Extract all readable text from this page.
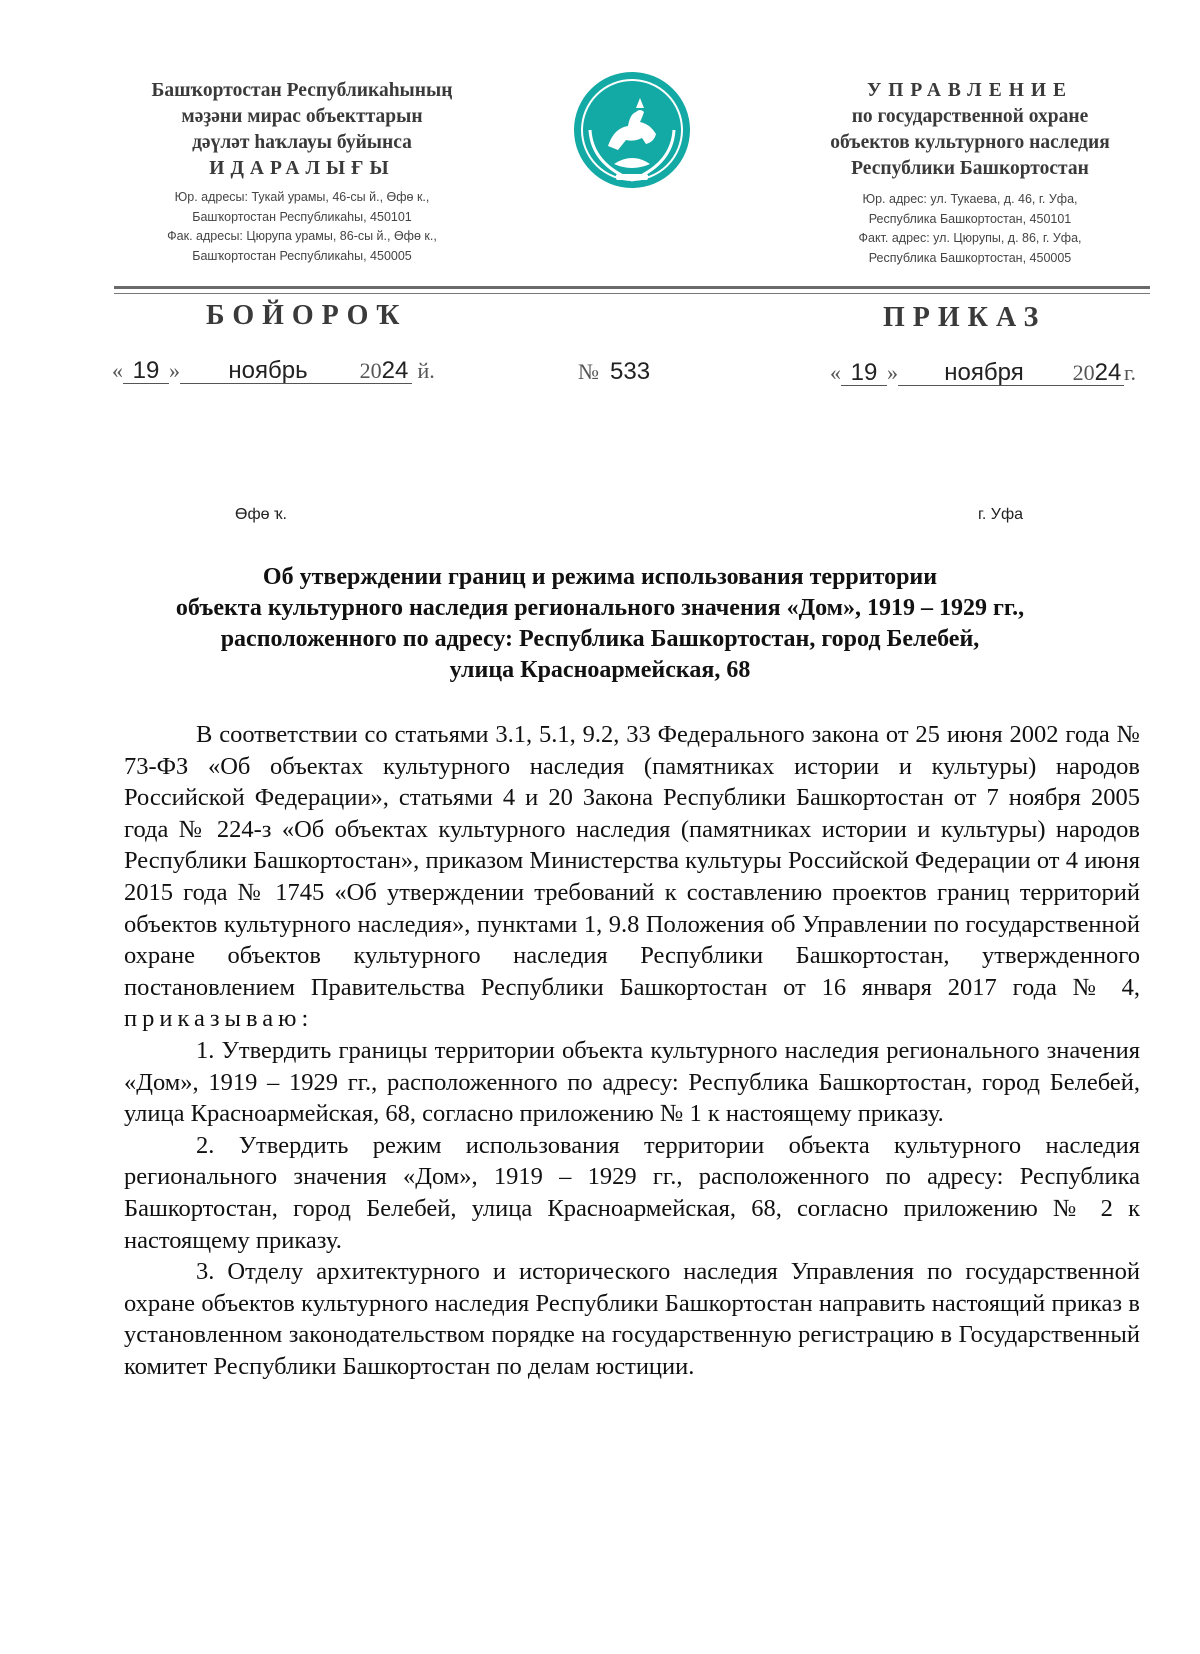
Башҡортостан Республикаһының
мәҙәни мирас объекттарын
дәүләт һаҡлауы буйынса
ИДАРАЛЫҒЫ
Юр. адресы: Тукай урамы, 46-сы й., Өфө к.,
Башҡортостан Республикаһы, 450101
Фак. адресы: Цюрупа урамы, 86-сы й., Өфө к.,
Башҡортостан Республикаһы, 450005
УПРАВЛЕНИЕ
по государственной охране
объектов культурного наследия
Республики Башкортостан
Юр. адрес: ул. Тукаева, д. 46, г. Уфа,
Республика Башкортостан, 450101
Факт. адрес: ул. Цюрупы, д. 86, г. Уфа,
Республика Башкортостан, 450005
БОЙОРОҠ	ПРИКАЗ
« 19 » ноябрь 2024 й.	№ 533	« 19 » ноября 2024 г.
Өфө ҡ.	г. Уфа
Об утверждении границ и режима использования территории
объекта культурного наследия регионального значения «Дом», 1919 – 1929 гг.,
расположенного по адресу: Республика Башкортостан, город Белебей,
улица Красноармейская, 68

В соответствии со статьями 3.1, 5.1, 9.2, 33 Федерального закона от 25 июня 2002 года № 73-ФЗ «Об объектах культурного наследия (памятниках истории и культуры) народов Российской Федерации», статьями 4 и 20 Закона Республики Башкортостан от 7 ноября 2005 года № 224-з «Об объектах культурного наследия (памятниках истории и культуры) народов Республики Башкортостан», приказом Министерства культуры Российской Федерации от 4 июня 2015 года № 1745 «Об утверждении требований к составлению проектов границ территорий объектов культурного наследия», пунктами 1, 9.8 Положения об Управлении по государственной охране объектов культурного наследия Республики Башкортостан, утвержденного постановлением Правительства Республики Башкортостан от 16 января 2017 года № 4, приказываю:

1. Утвердить границы территории объекта культурного наследия регионального значения «Дом», 1919 – 1929 гг., расположенного по адресу: Республика Башкортостан, город Белебей, улица Красноармейская, 68, согласно приложению № 1 к настоящему приказу.

2. Утвердить режим использования территории объекта культурного наследия регионального значения «Дом», 1919 – 1929 гг., расположенного по адресу: Республика Башкортостан, город Белебей, улица Красноармейская, 68, согласно приложению № 2 к настоящему приказу.

3. Отделу архитектурного и исторического наследия Управления по государственной охране объектов культурного наследия Республики Башкортостан направить настоящий приказ в установленном законодательством порядке на государственную регистрацию в Государственный комитет Республики Башкортостан по делам юстиции.
